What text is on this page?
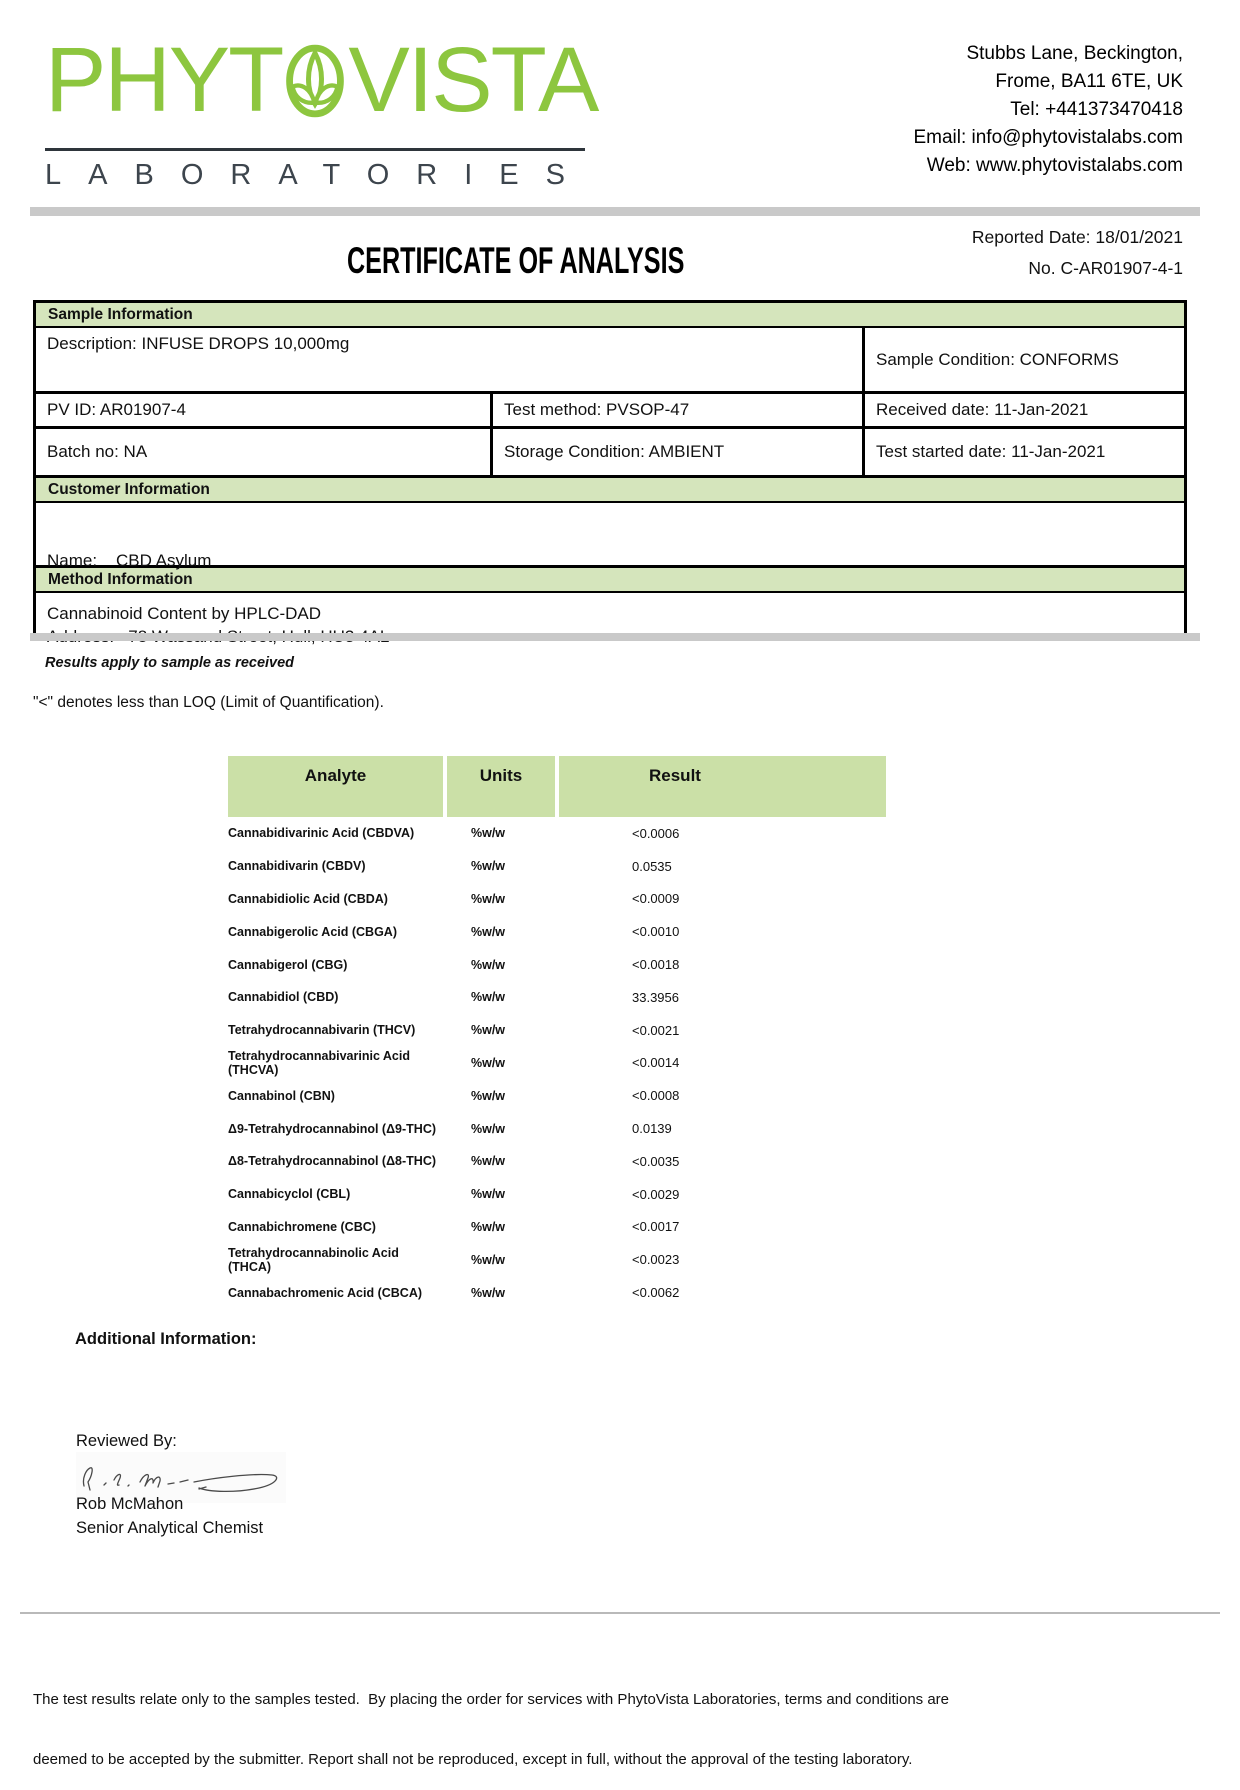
PHYT VISTA
LABORATORIES
Stubbs Lane, Beckington,
Frome, BA11 6TE, UK
Tel: +441373470418
Email: info@phytovistalabs.com
Web: www.phytovistalabs.com
Reported Date: 18/01/2021
CERTIFICATE OF ANALYSIS	No. C-AR01907-4-1
Sample Information
Description: INFUSE DROPS 10,000mg
Sample Condition: CONFORMS
PV ID: AR01907-4	Test method: PVSOP-47	Received date: 11-Jan-2021
Batch no: NA	Storage Condition: AMBIENT	Test started date: 11-Jan-2021
Customer Information

Name:    CBD Asylum

Method Information
Cannabinoid Content by HPLC-DAD
Results apply to sample as received
"<" denotes less than LOQ (Limit of Quantification).
Analyte	Units	Result
Cannabidivarinic Acid (CBDVA)	%w/w	<0.0006
Cannabidivarin (CBDV)	%w/w	0.0535
Cannabidiolic Acid (CBDA)	%w/w	<0.0009
Cannabigerolic Acid (CBGA)	%w/w	<0.0010
Cannabigerol (CBG)	%w/w	<0.0018
Cannabidiol (CBD)	%w/w	33.3956
Tetrahydrocannabivarin (THCV)	%w/w	<0.0021
Tetrahydrocannabivarinic Acid (THCVA)	%w/w	<0.0014
Cannabinol (CBN)	%w/w	<0.0008
Δ9-Tetrahydrocannabinol (Δ9-THC)	%w/w	0.0139
Δ8-Tetrahydrocannabinol (Δ8-THC)	%w/w	<0.0035
Cannabicyclol (CBL)	%w/w	<0.0029
Cannabichromene (CBC)	%w/w	<0.0017
Tetrahydrocannabinolic Acid (THCA)	%w/w	<0.0023
Cannabachromenic Acid (CBCA)	%w/w	<0.0062
Additional Information:
Reviewed By:
Rob McMahon
Senior Analytical Chemist

The test results relate only to the samples tested.  By placing the order for services with PhytoVista Laboratories, terms and conditions are

deemed to be accepted by the submitter. Report shall not be reproduced, except in full, without the approval of the testing laboratory.
